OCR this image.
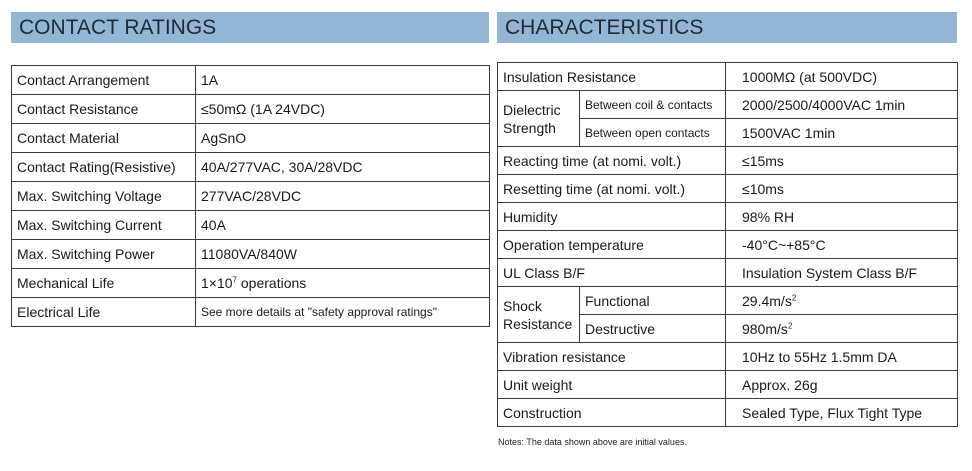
CONTACT RATINGS	CHARACTERISTICS
Contact Arrangement	1A
Contact Resistance	≤50mΩ (1A 24VDC)
Contact Material	AgSnO
Contact Rating(Resistive)	40A/277VAC, 30A/28VDC
Max. Switching Voltage	277VAC/28VDC
Max. Switching Current	40A
Max. Switching Power	11080VA/840W
Mechanical Life	$1\times 10^7$ operations
Electrical Life	See more details at "safety approval ratings"
Insulation Resistance		1000MΩ (at 500VDC)
Dielectric Strength	Between coil & contacts	2000/2500/4000VAC 1min
	Between open contacts	1500VAC 1min
Reacting time (at nomi. volt.)		≤15ms
Resetting time (at nomi. volt.)		≤10ms
Humidity		98% RH
Operation temperature		-40°C~+85°C
UL Class B/F		Insulation System Class B/F
Shock Resistance	Functional	$29.4m/s^2$
	Destructive	$980m/s^2$
Vibration resistance		10Hz to 55Hz 1.5mm DA
Unit weight		Approx. 26g
Construction		Sealed Type, Flux Tight Type
Notes: The data shown above are initial values.
